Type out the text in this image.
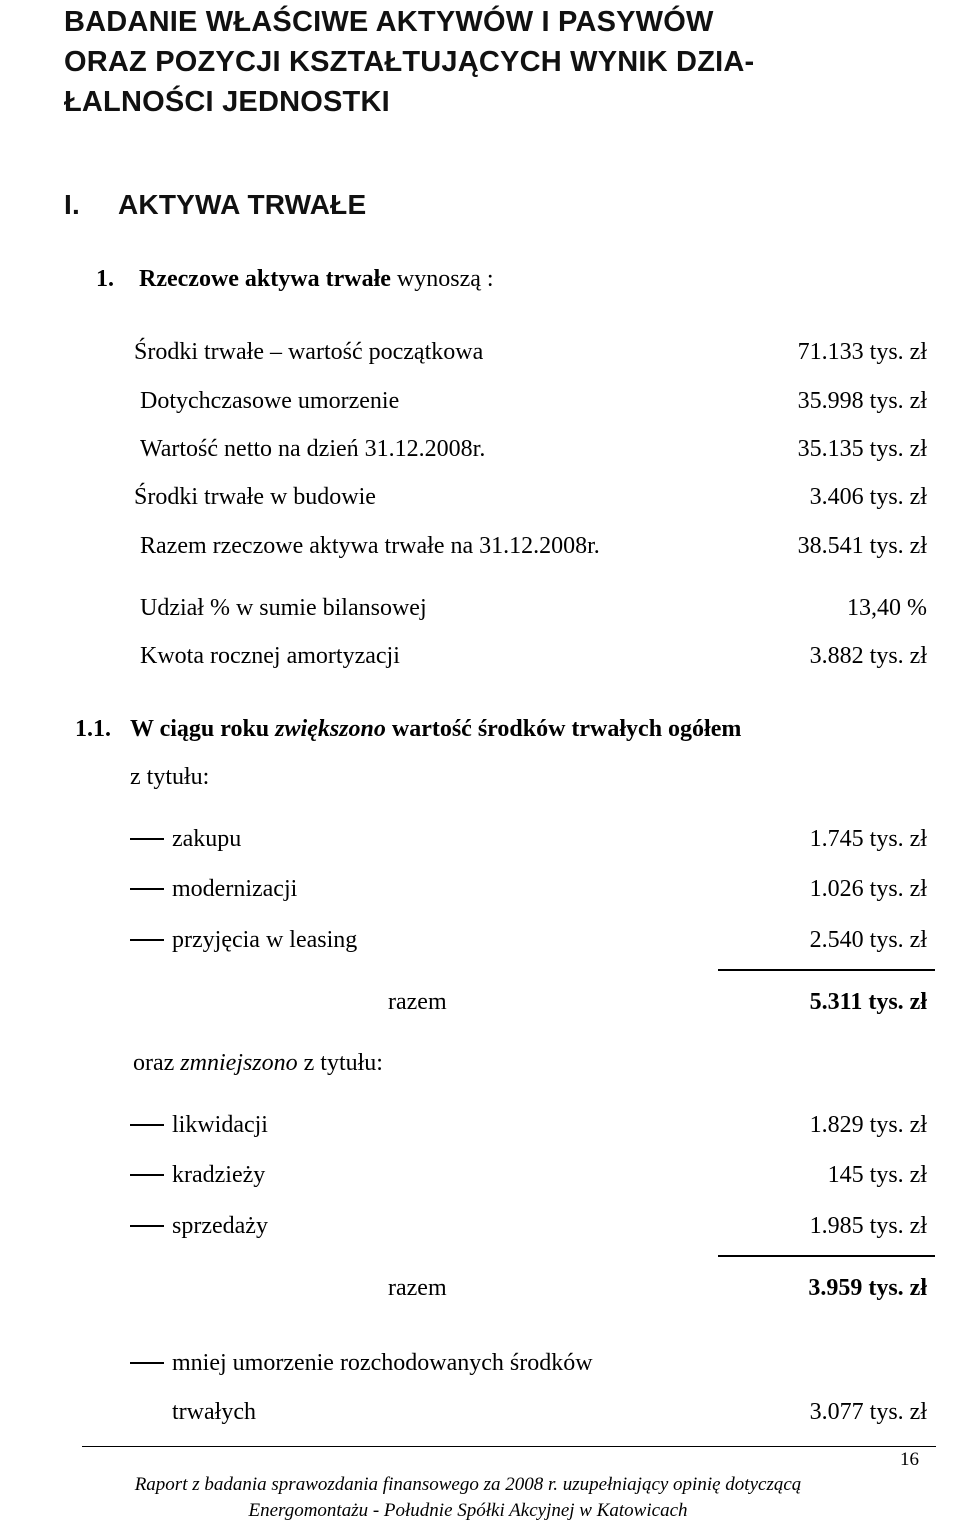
BADANIE WŁAŚCIWE AKTYWÓW I PASYWÓW
ORAZ POZYCJI KSZTAŁTUJĄCYCH WYNIK DZIA-
ŁALNOŚCI JEDNOSTKI
I. AKTYWA TRWAŁE
1. Rzeczowe aktywa trwałe wynoszą :
Środki trwałe – wartość początkowa	71.133 tys. zł
Dotychczasowe umorzenie	35.998 tys. zł
Wartość netto na dzień 31.12.2008r.	35.135 tys. zł
Środki trwałe w budowie	3.406 tys. zł
Razem rzeczowe aktywa trwałe na 31.12.2008r.	38.541 tys. zł
Udział % w sumie bilansowej	13,40 %
Kwota rocznej amortyzacji	3.882 tys. zł
1.1. W ciągu roku zwiększono wartość środków trwałych ogółem
z tytułu:
zakupu	1.745 tys. zł
modernizacji	1.026 tys. zł
przyjęcia w leasing	2.540 tys. zł
razem	5.311 tys. zł
oraz zmniejszono z tytułu:
likwidacji	1.829 tys. zł
kradzieży	145 tys. zł
sprzedaży	1.985 tys. zł
razem	3.959 tys. zł
mniej umorzenie rozchodowanych środków
trwałych	3.077 tys. zł
16
Raport z badania sprawozdania finansowego za 2008 r. uzupełniający opinię dotyczącą
Energomontażu - Południe Spółki Akcyjnej w Katowicach
